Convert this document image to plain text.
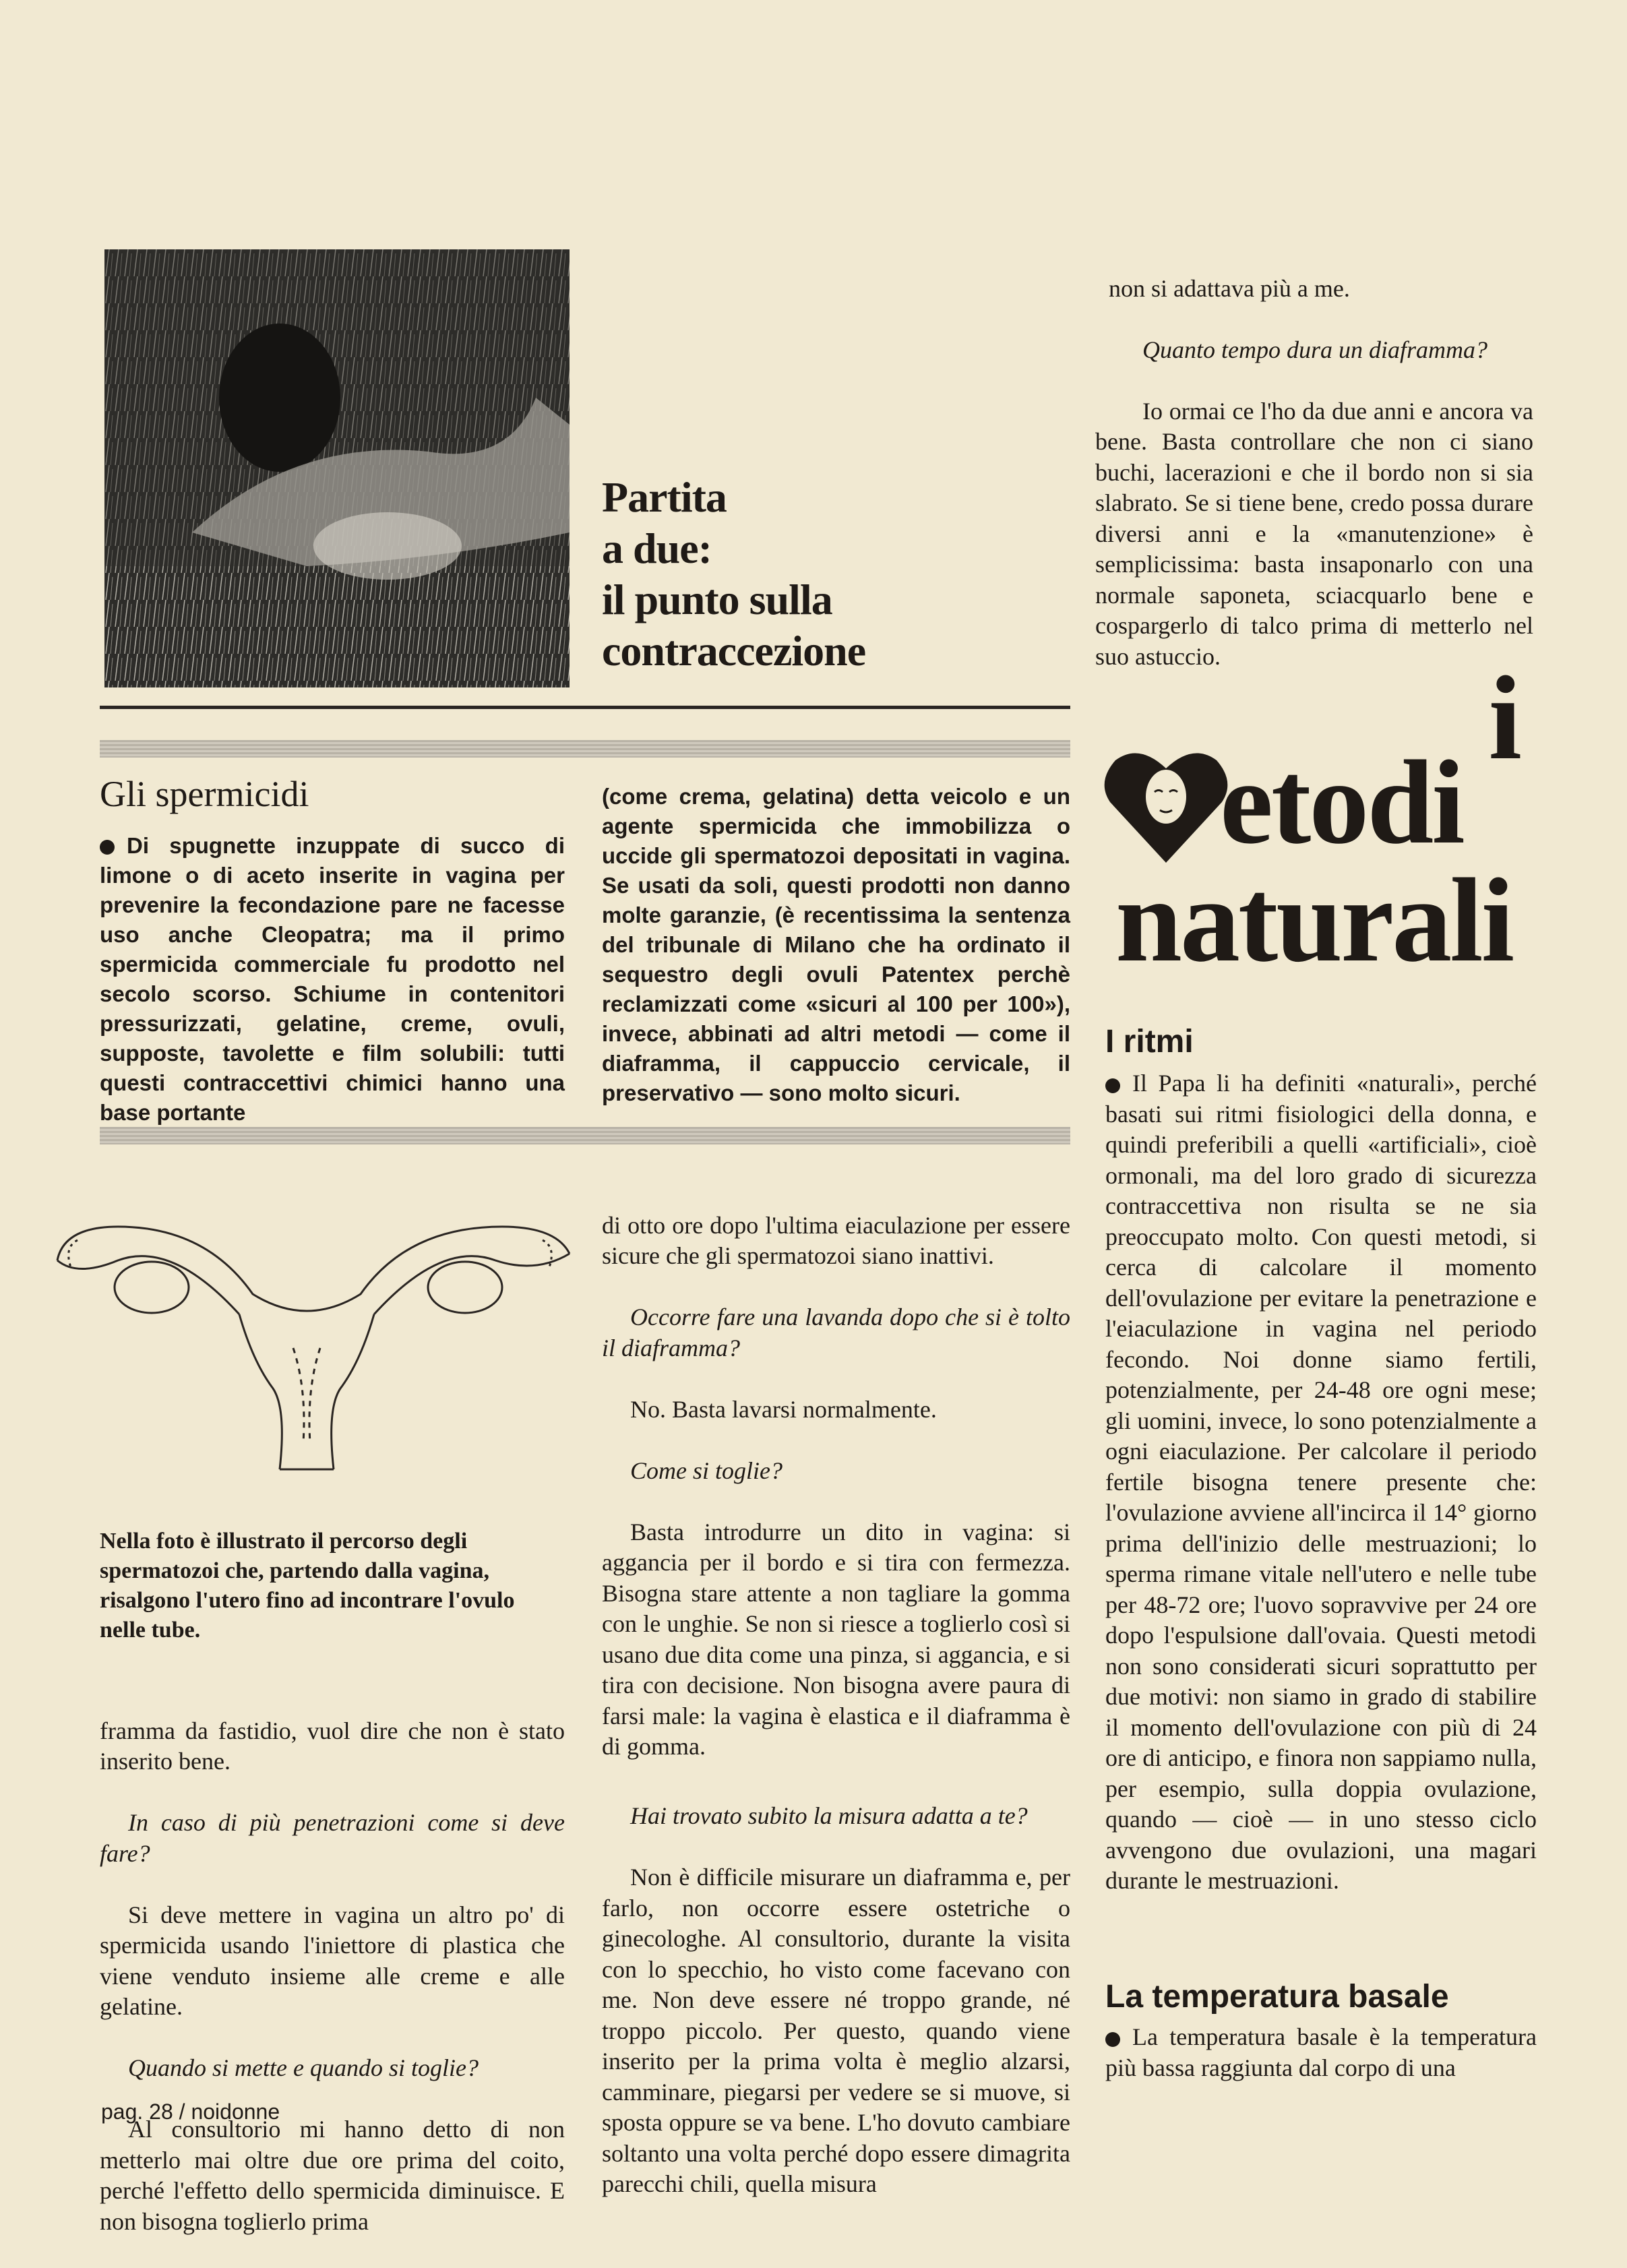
Partita
a due:
il punto sulla
contraccezione

non si adattava più a me.

Quanto tempo dura un diaframma?

Io ormai ce l'ho da due anni e ancora va bene. Basta controllare che non ci siano buchi, lacerazioni e che il bordo non si sia slabrato. Se si tiene bene, credo possa durare diversi anni e la «manutenzione» è semplicissima: basta insaponarlo con una normale saponeta, sciacquarlo bene e cospargerlo di talco prima di metterlo nel suo astuccio.

Gli spermicidi
Di spugnette inzuppate di succo di limone o di aceto inserite in vagina per prevenire la fecondazione pare ne facesse uso anche Cleopatra; ma il primo spermicida commerciale fu prodotto nel secolo scorso. Schiume in contenitori pressurizzati, gelatine, creme, ovuli, supposte, tavolette e film solubili: tutti questi contraccettivi chimici hanno una base portante
(come crema, gelatina) detta veicolo e un agente spermicida che immobilizza o uccide gli spermatozoi depositati in vagina. Se usati da soli, questi prodotti non danno molte garanzie, (è recentissima la sentenza del tribunale di Milano che ha ordinato il sequestro degli ovuli Patentex perchè reclamizzati come «sicuri al 100 per 100»), invece, abbinati ad altri metodi — come il diaframma, il cappuccio cervicale, il preservativo — sono molto sicuri.
Nella foto è illustrato il percorso degli
spermatozoi che, partendo dalla vagina,
risalgono l'utero fino ad incontrare l'ovulo
nelle tube.

framma da fastidio, vuol dire che non è stato inserito bene.

In caso di più penetrazioni come si deve fare?

Si deve mettere in vagina un altro po' di spermicida usando l'iniettore di plastica che viene venduto insieme alle creme e alle gelatine.

Quando si mette e quando si toglie?

Al consultorio mi hanno detto di non metterlo mai oltre due ore prima del coito, perché l'effetto dello spermicida diminuisce. E non bisogna toglierlo prima

di otto ore dopo l'ultima eiaculazione per essere sicure che gli spermatozoi siano inattivi.

Occorre fare una lavanda dopo che si è tolto il diaframma?

No. Basta lavarsi normalmente.

Come si toglie?

Basta introdurre un dito in vagina: si aggancia per il bordo e si tira con fermezza. Bisogna stare attente a non tagliare la gomma con le unghie. Se non si riesce a toglierlo così si usano due dita come una pinza, si aggancia, e si tira con decisione. Non bisogna avere paura di farsi male: la vagina è elastica e il diaframma è di gomma.

Hai trovato subito la misura adatta a te?

Non è difficile misurare un diaframma e, per farlo, non occorre essere ostetriche o ginecologhe. Al consultorio, durante la visita con lo specchio, ho visto come facevano con me. Non deve essere né troppo grande, né troppo piccolo. Per questo, quando viene inserito per la prima volta è meglio alzarsi, camminare, piegarsi per vedere se si muove, si sposta oppure se va bene. L'ho dovuto cambiare soltanto una volta perché dopo essere dimagrita parecchi chili, quella misura

i
etodi
naturali
I ritmi

Il Papa li ha definiti «naturali», perché basati sui ritmi fisiologici della donna, e quindi preferibili a quelli «artificiali», cioè ormonali, ma del loro grado di sicurezza contraccettiva non risulta se ne sia preoccupato molto. Con questi metodi, si cerca di calcolare il momento dell'ovulazione per evitare la penetrazione e l'eiaculazione in vagina nel periodo fecondo. Noi donne siamo fertili, potenzialmente, per 24-48 ore ogni mese; gli uomini, invece, lo sono potenzialmente a ogni eiaculazione. Per calcolare il periodo fertile bisogna tenere presente che: l'ovulazione avviene all'incirca il 14° giorno prima dell'inizio delle mestruazioni; lo sperma rimane vitale nell'utero e nelle tube per 48-72 ore; l'uovo sopravvive per 24 ore dopo l'espulsione dall'ovaia. Questi metodi non sono considerati sicuri soprattutto per due motivi: non siamo in grado di stabilire il momento dell'ovulazione con più di 24 ore di anticipo, e finora non sappiamo nulla, per esempio, sulla doppia ovulazione, quando — cioè — in uno stesso ciclo avvengono due ovulazioni, una magari durante le mestruazioni.

La temperatura basale

La temperatura basale è la temperatura più bassa raggiunta dal corpo di una

pag. 28 / noidonne
